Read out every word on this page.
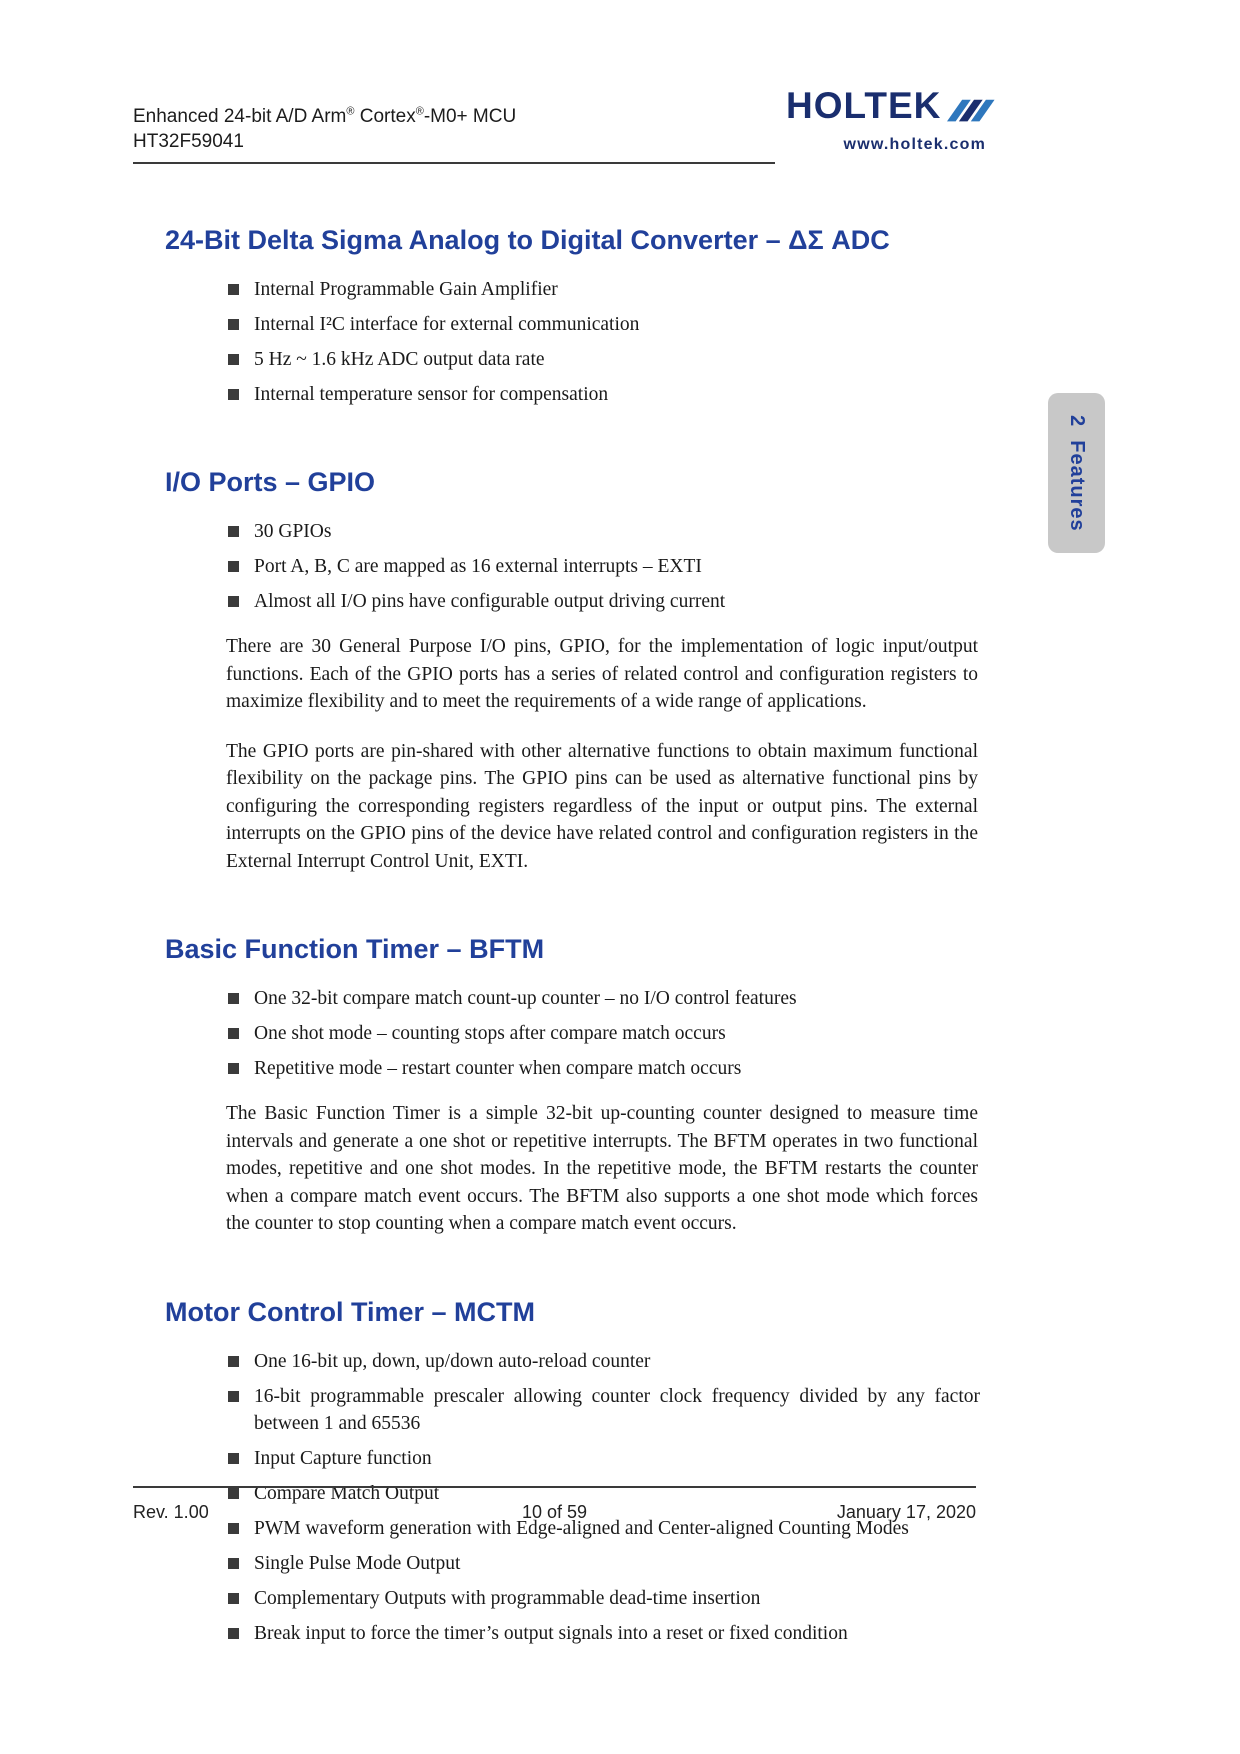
Enhanced 24-bit A/D Arm® Cortex®-M0+ MCU
HT32F59041
HOLTEK
www.holtek.com
2  Features
24-Bit Delta Sigma Analog to Digital Converter – ΔΣ ADC
Internal Programmable Gain Amplifier
Internal I²C interface for external communication
5 Hz ~ 1.6 kHz ADC output data rate
Internal temperature sensor for compensation
I/O Ports – GPIO
30 GPIOs
Port A, B, C are mapped as 16 external interrupts – EXTI
Almost all I/O pins have configurable output driving current

There are 30 General Purpose I/O pins, GPIO, for the implementation of logic input/output functions. Each of the GPIO ports has a series of related control and configuration registers to maximize flexibility and to meet the requirements of a wide range of applications.

The GPIO ports are pin-shared with other alternative functions to obtain maximum functional flexibility on the package pins. The GPIO pins can be used as alternative functional pins by configuring the corresponding registers regardless of the input or output pins. The external interrupts on the GPIO pins of the device have related control and configuration registers in the External Interrupt Control Unit, EXTI.

Basic Function Timer – BFTM
One 32-bit compare match count-up counter – no I/O control features
One shot mode – counting stops after compare match occurs
Repetitive mode – restart counter when compare match occurs

The Basic Function Timer is a simple 32-bit up-counting counter designed to measure time intervals and generate a one shot or repetitive interrupts. The BFTM operates in two functional modes, repetitive and one shot modes. In the repetitive mode, the BFTM restarts the counter when a compare match event occurs. The BFTM also supports a one shot mode which forces the counter to stop counting when a compare match event occurs.

Motor Control Timer – MCTM
One 16-bit up, down, up/down auto-reload counter
16-bit programmable prescaler allowing counter clock frequency divided by any factor between 1 and 65536
Input Capture function
Compare Match Output
PWM waveform generation with Edge-aligned and Center-aligned Counting Modes
Single Pulse Mode Output
Complementary Outputs with programmable dead-time insertion
Break input to force the timer’s output signals into a reset or fixed condition
Rev. 1.00	10 of 59	January 17, 2020
